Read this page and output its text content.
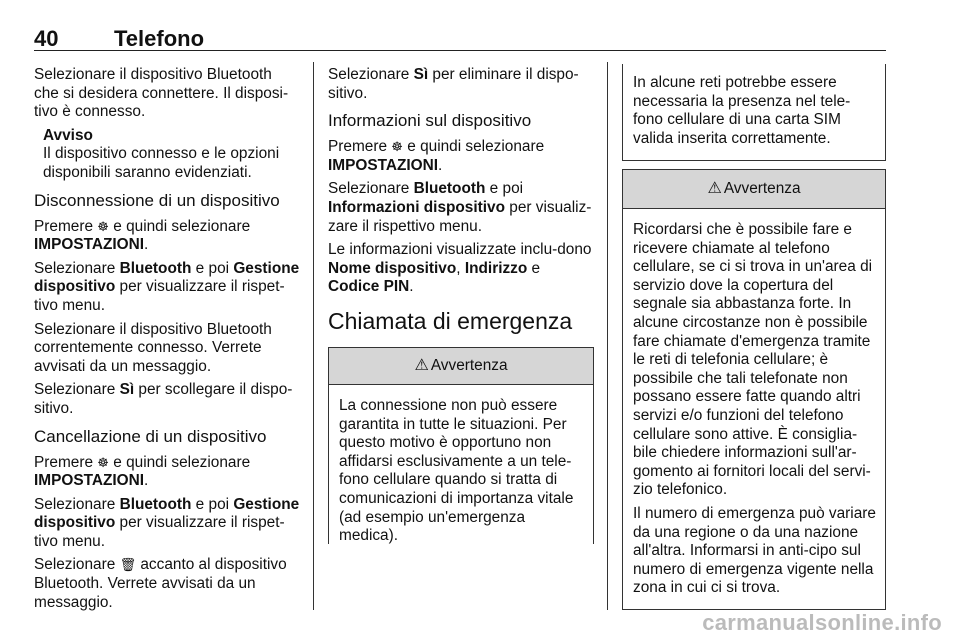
40	Telefono

Selezionare il dispositivo Bluetooth che si desidera connettere. Il disposi-tivo è connesso.

Avviso

Il dispositivo connesso e le opzioni disponibili saranno evidenziati.

Disconnessione di un dispositivo

Premere ☸ e quindi selezionare
IMPOSTAZIONI.

Selezionare Bluetooth e poi Gestione dispositivo per visualizzare il rispet-tivo menu.

Selezionare il dispositivo Bluetooth correntemente connesso. Verrete avvisati da un messaggio.

Selezionare Sì per scollegare il dispo-sitivo.

Cancellazione di un dispositivo

Premere ☸ e quindi selezionare
IMPOSTAZIONI.

Selezionare Bluetooth e poi Gestione dispositivo per visualizzare il rispet-tivo menu.

Selezionare 🗑 accanto al dispositivo Bluetooth. Verrete avvisati da un messaggio.

Selezionare Sì per eliminare il dispo-sitivo.

Informazioni sul dispositivo

Premere ☸ e quindi selezionare
IMPOSTAZIONI.

Selezionare Bluetooth e poi Informazioni dispositivo per visualiz-zare il rispettivo menu.

Le informazioni visualizzate inclu-dono Nome dispositivo, Indirizzo e Codice PIN.

Chiamata di emergenza
⚠ Avvertenza
La connessione non può essere garantita in tutte le situazioni. Per questo motivo è opportuno non affidarsi esclusivamente a un tele-fono cellulare quando si tratta di comunicazioni di importanza vitale (ad esempio un'emergenza medica).
In alcune reti potrebbe essere necessaria la presenza nel tele-fono cellulare di una carta SIM valida inserita correttamente.
⚠ Avvertenza

Ricordarsi che è possibile fare e ricevere chiamate al telefono cellulare, se ci si trova in un'area di servizio dove la copertura del segnale sia abbastanza forte. In alcune circostanze non è possibile fare chiamate d'emergenza tramite le reti di telefonia cellulare; è possibile che tali telefonate non possano essere fatte quando altri servizi e/o funzioni del telefono cellulare sono attive. È consiglia-bile chiedere informazioni sull'ar-gomento ai fornitori locali del servi-zio telefonico.

Il numero di emergenza può variare da una regione o da una nazione all'altra. Informarsi in anti-cipo sul numero di emergenza vigente nella zona in cui ci si trova.

carmanualsonline.info
